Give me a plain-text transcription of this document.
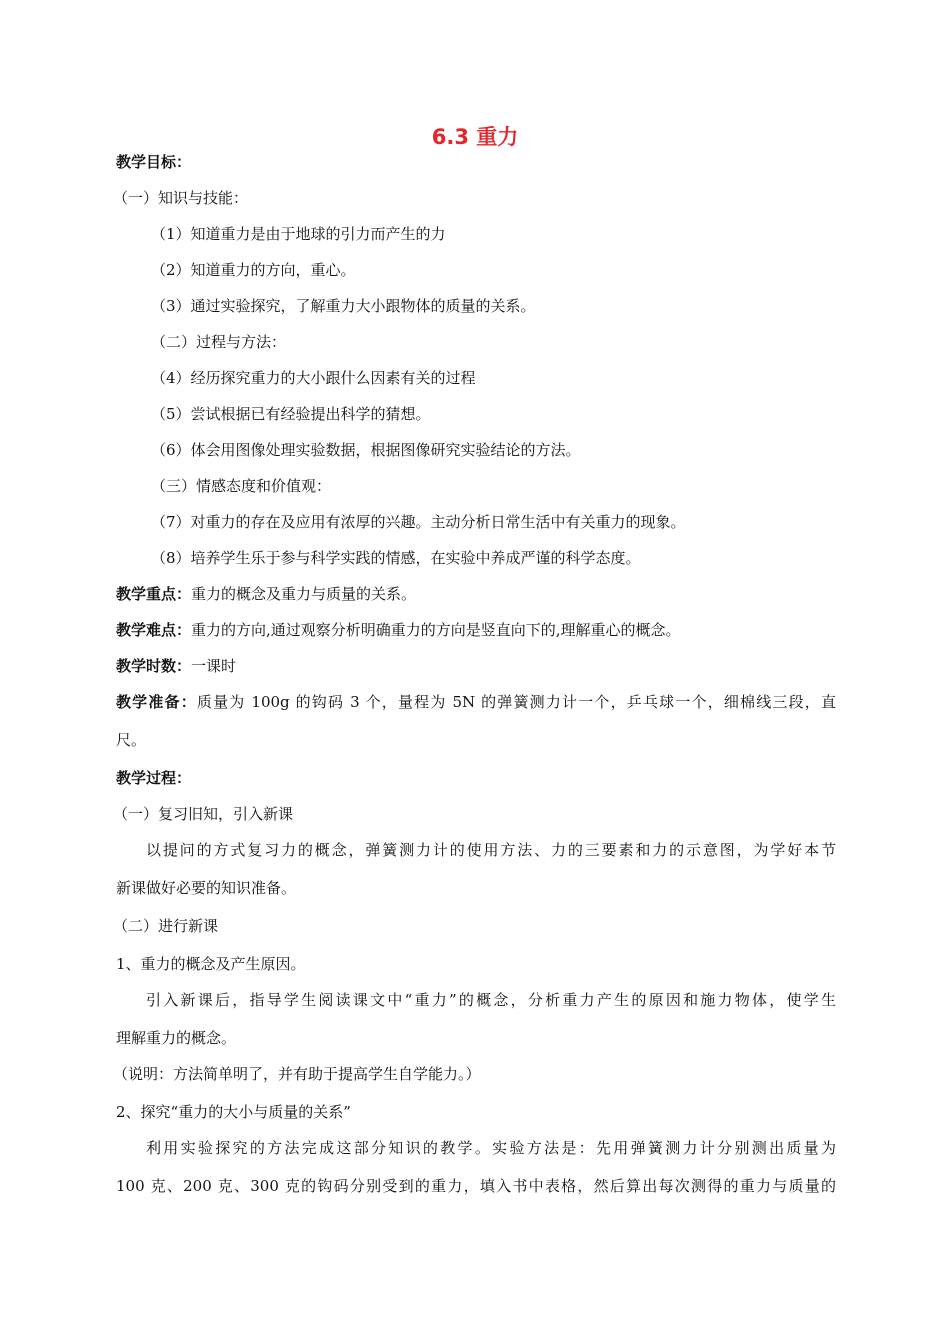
6.3 重力
教学目标：
（一）知识与技能：
（1）知道重力是由于地球的引力而产生的力
（2）知道重力的方向，重心。
（3）通过实验探究，了解重力大小跟物体的质量的关系。
（二）过程与方法：
（4）经历探究重力的大小跟什么因素有关的过程
（5）尝试根据已有经验提出科学的猜想。
（6）体会用图像处理实验数据，根据图像研究实验结论的方法。
（三）情感态度和价值观：
（7）对重力的存在及应用有浓厚的兴趣。主动分析日常生活中有关重力的现象。
（8）培养学生乐于参与科学实践的情感，在实验中养成严谨的科学态度。
教学重点：重力的概念及重力与质量的关系。
教学难点：重力的方向,通过观察分析明确重力的方向是竖直向下的,理解重心的概念。
教学时数：一课时
教学准备：质量为 100g 的钩码 3 个，量程为 5N 的弹簧测力计一个，乒乓球一个，细棉线三段，直
尺。
教学过程：
（一）复习旧知，引入新课
以提问的方式复习力的概念，弹簧测力计的使用方法、力的三要素和力的示意图，为学好本节
新课做好必要的知识准备。
（二）进行新课
1、重力的概念及产生原因。
引入新课后，指导学生阅读课文中“重力”的概念，分析重力产生的原因和施力物体，使学生
理解重力的概念。
（说明：方法简单明了，并有助于提高学生自学能力。）
2、探究“重力的大小与质量的关系”
利用实验探究的方法完成这部分知识的教学。实验方法是：先用弹簧测力计分别测出质量为
100 克、200 克、300 克的钩码分别受到的重力，填入书中表格，然后算出每次测得的重力与质量的
